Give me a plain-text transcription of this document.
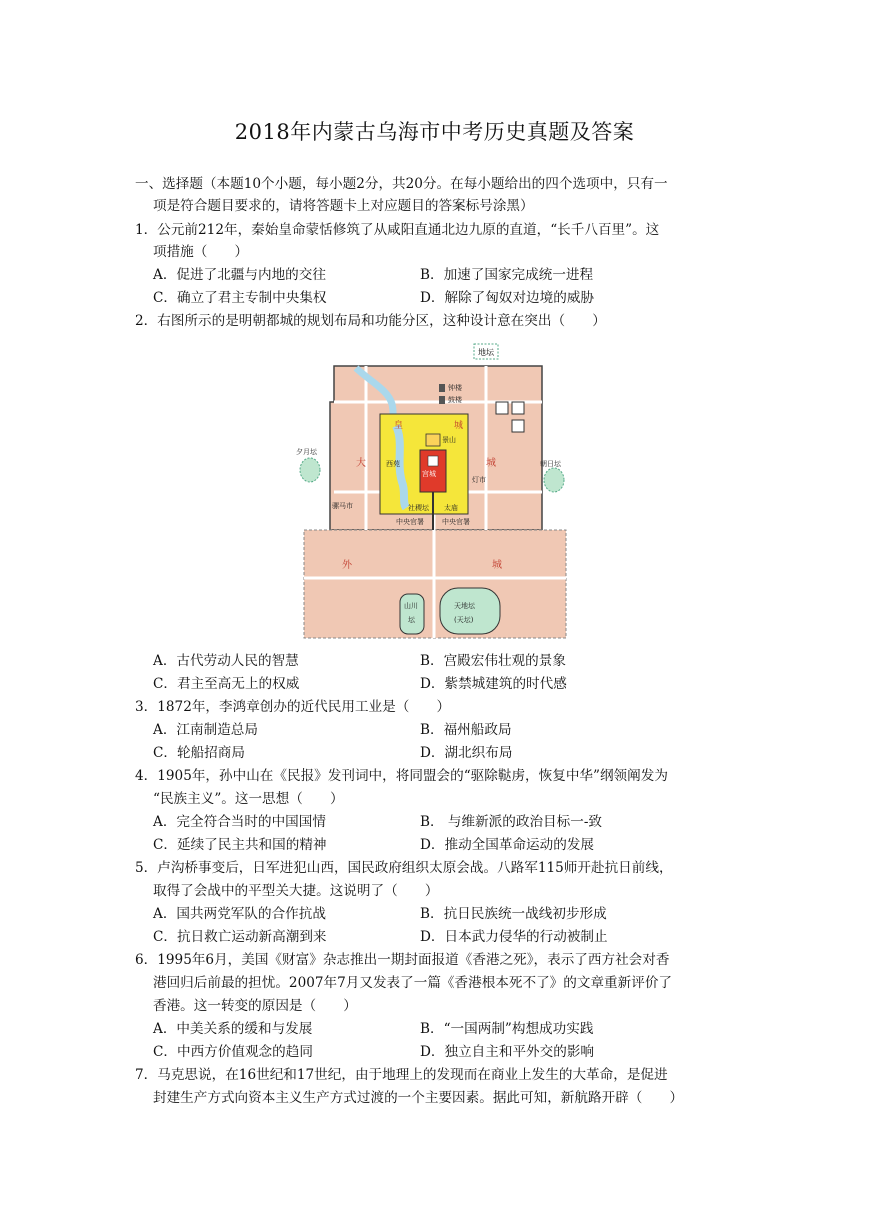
2018年内蒙古乌海市中考历史真题及答案
一、选择题（本题10个小题，每小题2分，共20分。在每小题给出的四个选项中，只有一
项是符合题目要求的，请将答题卡上对应题目的答案标号涂黑）
1．公元前212年，秦始皇命蒙恬修筑了从咸阳直通北边九原的直道，“长千八百里”。这
项措施（　　）
A．促进了北疆与内地的交往	B．加速了国家完成统一进程
C．确立了君主专制中央集权	D．解除了匈奴对边境的威胁
2．右图所示的是明朝都城的规划布局和功能分区，这种设计意在突出（　　）
地坛
钟楼
鼓楼
皇	城
大	城
西苑
宫城
景山
灯市
夕月坛
朝日坛
骡马市	社稷坛 太庙
中央官署	中央官署
外	城
山川
坛
天地坛
(天坛)
A．古代劳动人民的智慧	B．宫殿宏伟壮观的景象
C．君主至高无上的权威	D．紫禁城建筑的时代感
3．1872年，李鸿章创办的近代民用工业是（　　）
A．江南制造总局	B．福州船政局
C．轮船招商局	D．湖北织布局
4．1905年，孙中山在《民报》发刊词中，将同盟会的“驱除鞑虏，恢复中华”纲领阐发为
“民族主义”。这一思想（　　）
A．完全符合当时的中国国情	B． 与维新派的政治目标一-致
C．延续了民主共和国的精神	D．推动全国革命运动的发展
5．卢沟桥事变后，日军进犯山西，国民政府组织太原会战。八路军115师开赴抗日前线，
取得了会战中的平型关大捷。这说明了（　　）
A．国共两党军队的合作抗战	B．抗日民族统一战线初步形成
C．抗日救亡运动新高潮到来	D．日本武力侵华的行动被制止
6．1995年6月，美国《财富》杂志推出一期封面报道《香港之死》，表示了西方社会对香
港回归后前最的担忧。2007年7月又发表了一篇《香港根本死不了》的文章重新评价了
香港。这一转变的原因是（　　）
A．中美关系的缓和与发展	B．“一国两制”构想成功实践
C．中西方价值观念的趋同	D．独立自主和平外交的影响
7．马克思说，在16世纪和17世纪，由于地理上的发现而在商业上发生的大革命，是促进
封建生产方式向资本主义生产方式过渡的一个主要因素。据此可知，新航路开辟（　　）
